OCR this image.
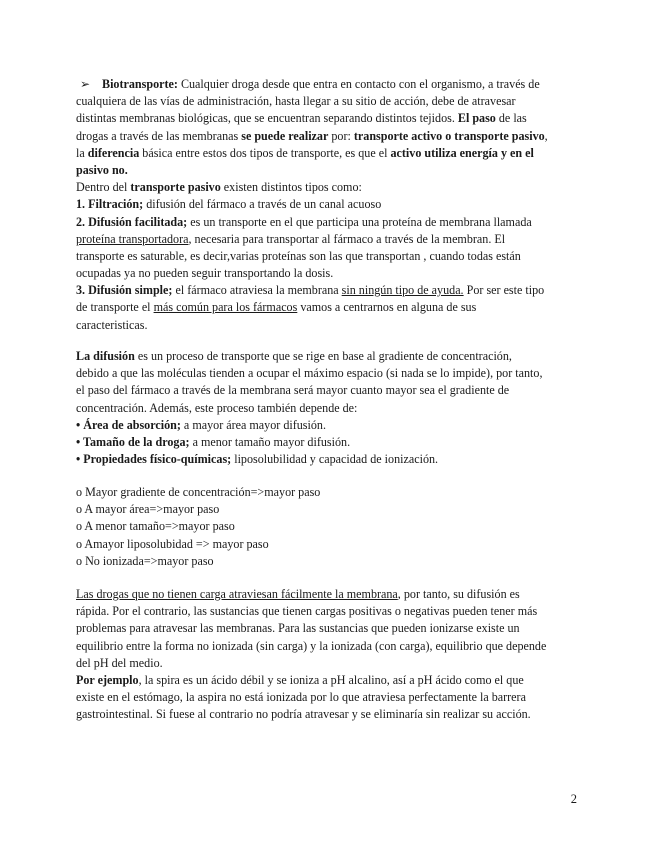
➢ Biotransporte: Cualquier droga desde que entra en contacto con el organismo, a través de
cualquiera de las vías de administración, hasta llegar a su sitio de acción, debe de atravesar
distintas membranas biológicas, que se encuentran separando distintos tejidos. El paso de las
drogas a través de las membranas se puede realizar por: transporte activo o transporte pasivo,
la diferencia básica entre estos dos tipos de transporte, es que el activo utiliza energía y en el
pasivo no.
Dentro del transporte pasivo existen distintos tipos como:
1. Filtración; difusión del fármaco a través de un canal acuoso
2. Difusión facilitada; es un transporte en el que participa una proteína de membrana llamada
proteína transportadora, necesaria para transportar al fármaco a través de la membran. El
transporte es saturable, es decir,varias proteínas son las que transportan , cuando todas están
ocupadas ya no pueden seguir transportando la dosis.
3. Difusión simple; el fármaco atraviesa la membrana sin ningún tipo de ayuda. Por ser este tipo
de transporte el más común para los fármacos vamos a centrarnos en alguna de sus
caracteristicas.
La difusión es un proceso de transporte que se rige en base al gradiente de concentración,
debido a que las moléculas tienden a ocupar el máximo espacio (si nada se lo impide), por tanto,
el paso del fármaco a través de la membrana será mayor cuanto mayor sea el gradiente de
concentración. Además, este proceso también depende de:
• Área de absorción; a mayor área mayor difusión.
• Tamaño de la droga; a menor tamaño mayor difusión.
• Propiedades físico-químicas; liposolubilidad y capacidad de ionización.
o Mayor gradiente de concentración=>mayor paso
o A mayor área=>mayor paso
o A menor tamaño=>mayor paso
o Amayor liposolubidad => mayor paso
o No ionizada=>mayor paso
Las drogas que no tienen carga atraviesan fácilmente la membrana, por tanto, su difusión es
rápida. Por el contrario, las sustancias que tienen cargas positivas o negativas pueden tener más
problemas para atravesar las membranas. Para las sustancias que pueden ionizarse existe un
equilibrio entre la forma no ionizada (sin carga) y la ionizada (con carga), equilibrio que depende
del pH del medio.
Por ejemplo, la spira es un ácido débil y se ioniza a pH alcalino, así a pH ácido como el que
existe en el estómago, la aspira no está ionizada por lo que atraviesa perfectamente la barrera
gastrointestinal. Si fuese al contrario no podría atravesar y se eliminaría sin realizar su acción.
2
